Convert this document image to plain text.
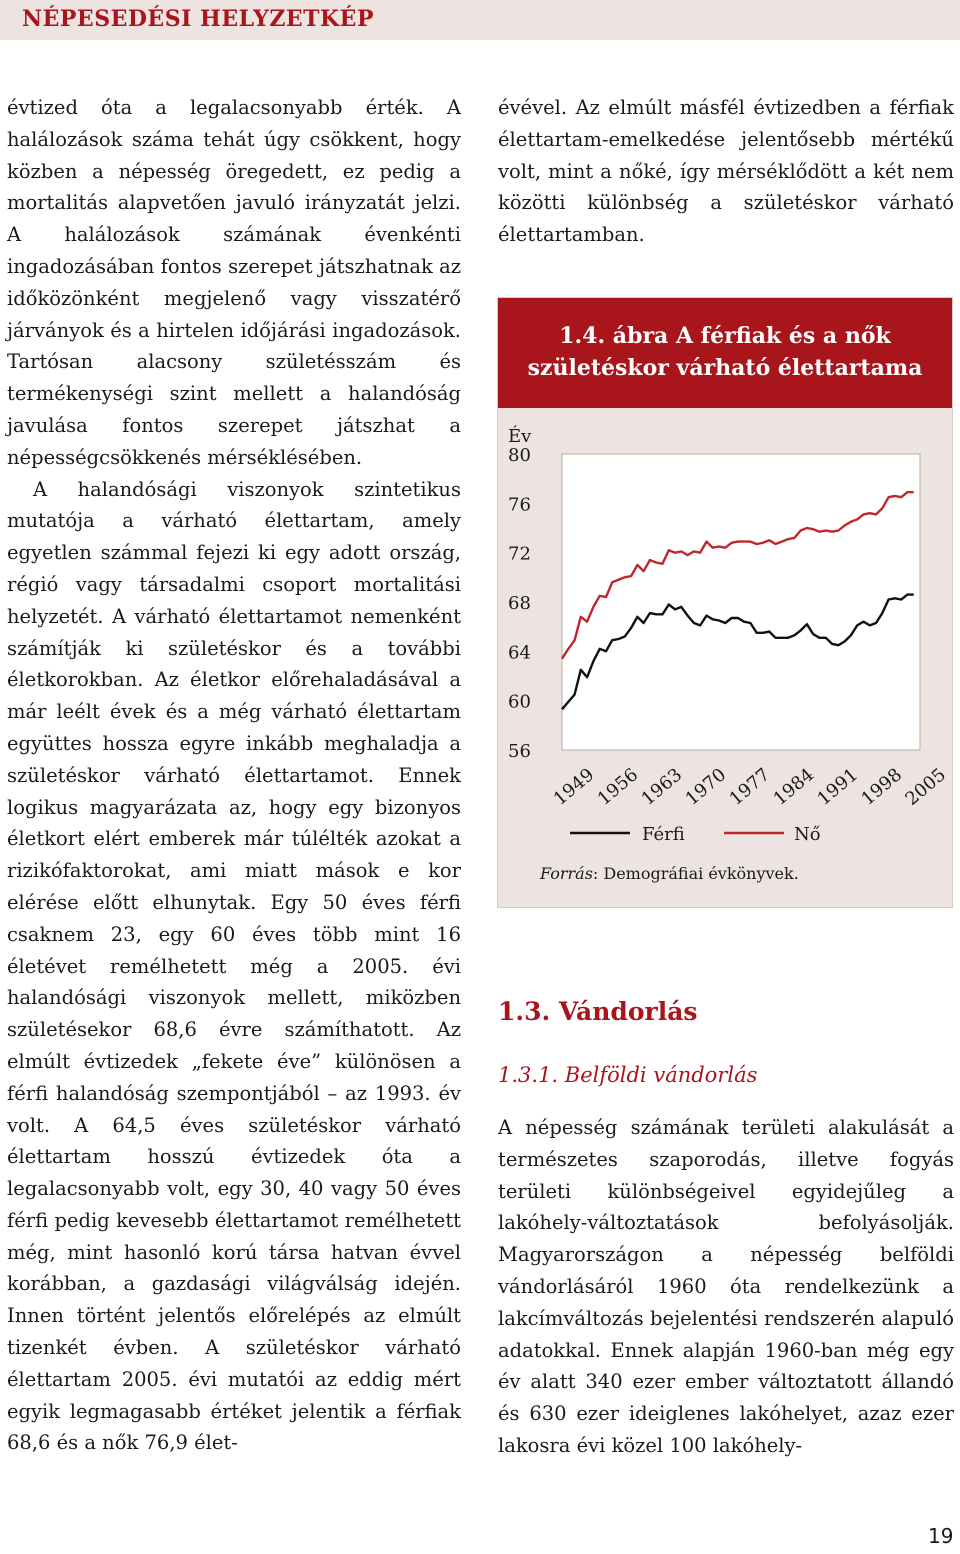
NÉPESEDÉSI HELYZETKÉP

évtized óta a legalacsonyabb érték. A halálozások száma tehát úgy csökkent, hogy közben a népesség öregedett, ez pedig a mortalitás alapvetően javuló irányzatát jelzi. A halálozások számának évenkénti ingadozásában fontos szerepet játszhatnak az időközönként megjelenő vagy visszatérő járványok és a hirtelen időjárási ingadozások. Tartósan alacsony születésszám és termékenységi szint mellett a halandóság javulása fontos szerepet játszhat a népességcsökkenés mérséklésében.

A halandósági viszonyok szintetikus mutatója a várható élettartam, amely egyetlen számmal fejezi ki egy adott ország, régió vagy társadalmi csoport mortalitási helyzetét. A várható élettartamot nemenként számítják ki születéskor és a további életkorokban. Az életkor előrehaladásával a már leélt évek és a még várható élettartam együttes hossza egyre inkább meghaladja a születéskor várható élettartamot. Ennek logikus magyarázata az, hogy egy bizonyos életkort elért emberek már túlélték azokat a rizikófaktorokat, ami miatt mások e kor elérése előtt elhunytak. Egy 50 éves férfi csaknem 23, egy 60 éves több mint 16 életévet remélhetett még a 2005. évi halandósági viszonyok mellett, miközben születésekor 68,6 évre számíthatott. Az elmúlt évtizedek „fekete éve” különösen a férfi halandóság szempontjából – az 1993. év volt. A 64,5 éves születéskor várható élettartam hosszú évtizedek óta a legalacsonyabb volt, egy 30, 40 vagy 50 éves férfi pedig kevesebb élettartamot remélhetett még, mint hasonló korú társa hatvan évvel korábban, a gazdasági világválság idején. Innen történt jelentős előrelépés az elmúlt tizenkét évben. A születéskor várható élettartam 2005. évi mutatói az eddig mért egyik legmagasabb értéket jelentik a férfiak 68,6 és a nők 76,9 élet-

évével. Az elmúlt másfél évtizedben a férfiak élettartam-emelkedése jelentősebb mértékű volt, mint a nőké, így mérséklődött a két nem közötti különbség a születéskor várható élettartamban.

Év
80
76
72
68
64
60
56
1949
1956
1963
1970
1977
1984
1991
1998
2005
Férfi	Nő
1.4. ábra A férfiak és a nők
születéskor várható élettartama
Forrás: Demográfiai évkönyvek.
1.3. Vándorlás
1.3.1. Belföldi vándorlás

A népesség számának területi alakulását a természetes szaporodás, illetve fogyás területi különbségeivel egyidejűleg a lakóhely-változtatások befolyásolják. Magyarországon a népesség belföldi vándorlásáról 1960 óta rendelkezünk a lakcímváltozás bejelentési rendszerén alapuló adatokkal. Ennek alapján 1960-ban még egy év alatt 340 ezer ember változtatott állandó és 630 ezer ideiglenes lakóhelyet, azaz ezer lakosra évi közel 100 lakóhely-

19
